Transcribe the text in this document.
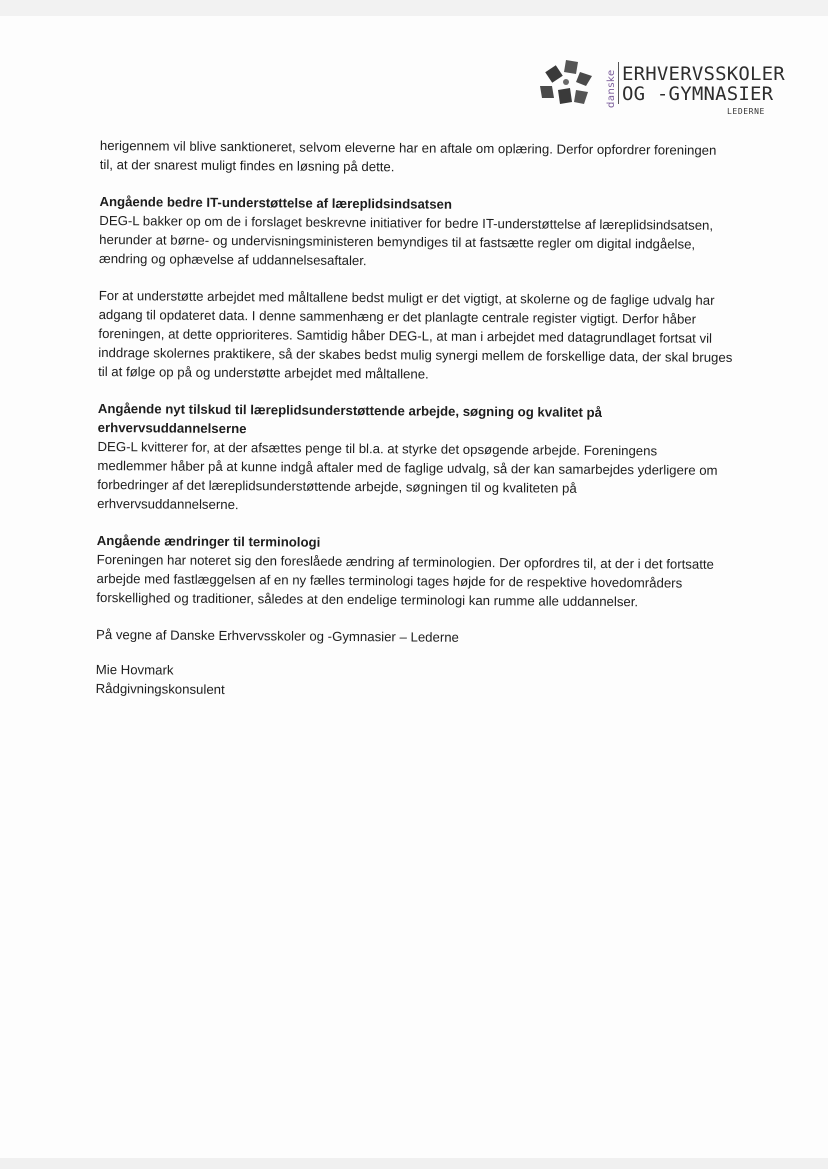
danske ERHVERVSSKOLER
OG -GYMNASIER
LEDERNE
herigennem vil blive sanktioneret, selvom eleverne har en aftale om oplæring. Derfor opfordrer foreningen
til, at der snarest muligt findes en løsning på dette.

Angående bedre IT-understøttelse af læreplidsindsatsen

DEG-L bakker op om de i forslaget beskrevne initiativer for bedre IT-understøttelse af læreplidsindsatsen,
herunder at børne- og undervisningsministeren bemyndiges til at fastsætte regler om digital indgåelse,
ændring og ophævelse af uddannelsesaftaler.
For at understøtte arbejdet med måltallene bedst muligt er det vigtigt, at skolerne og de faglige udvalg har
adgang til opdateret data. I denne sammenhæng er det planlagte centrale register vigtigt. Derfor håber
foreningen, at dette opprioriteres. Samtidig håber DEG-L, at man i arbejdet med datagrundlaget fortsat vil
inddrage skolernes praktikere, så der skabes bedst mulig synergi mellem de forskellige data, der skal bruges
til at følge op på og understøtte arbejdet med måltallene.

Angående nyt tilskud til læreplidsunderstøttende arbejde, søgning og kvalitet på erhvervsuddannelserne

DEG-L kvitterer for, at der afsættes penge til bl.a. at styrke det opsøgende arbejde. Foreningens
medlemmer håber på at kunne indgå aftaler med de faglige udvalg, så der kan samarbejdes yderligere om
forbedringer af det læreplidsunderstøttende arbejde, søgningen til og kvaliteten på
erhvervsuddannelserne.

Angående ændringer til terminologi

Foreningen har noteret sig den foreslåede ændring af terminologien. Der opfordres til, at der i det fortsatte
arbejde med fastlæggelsen af en ny fælles terminologi tages højde for de respektive hovedområders
forskellighed og traditioner, således at den endelige terminologi kan rumme alle uddannelser.
På vegne af Danske Erhvervsskoler og -Gymnasier – Lederne
Mie Hovmark
Rådgivningskonsulent
